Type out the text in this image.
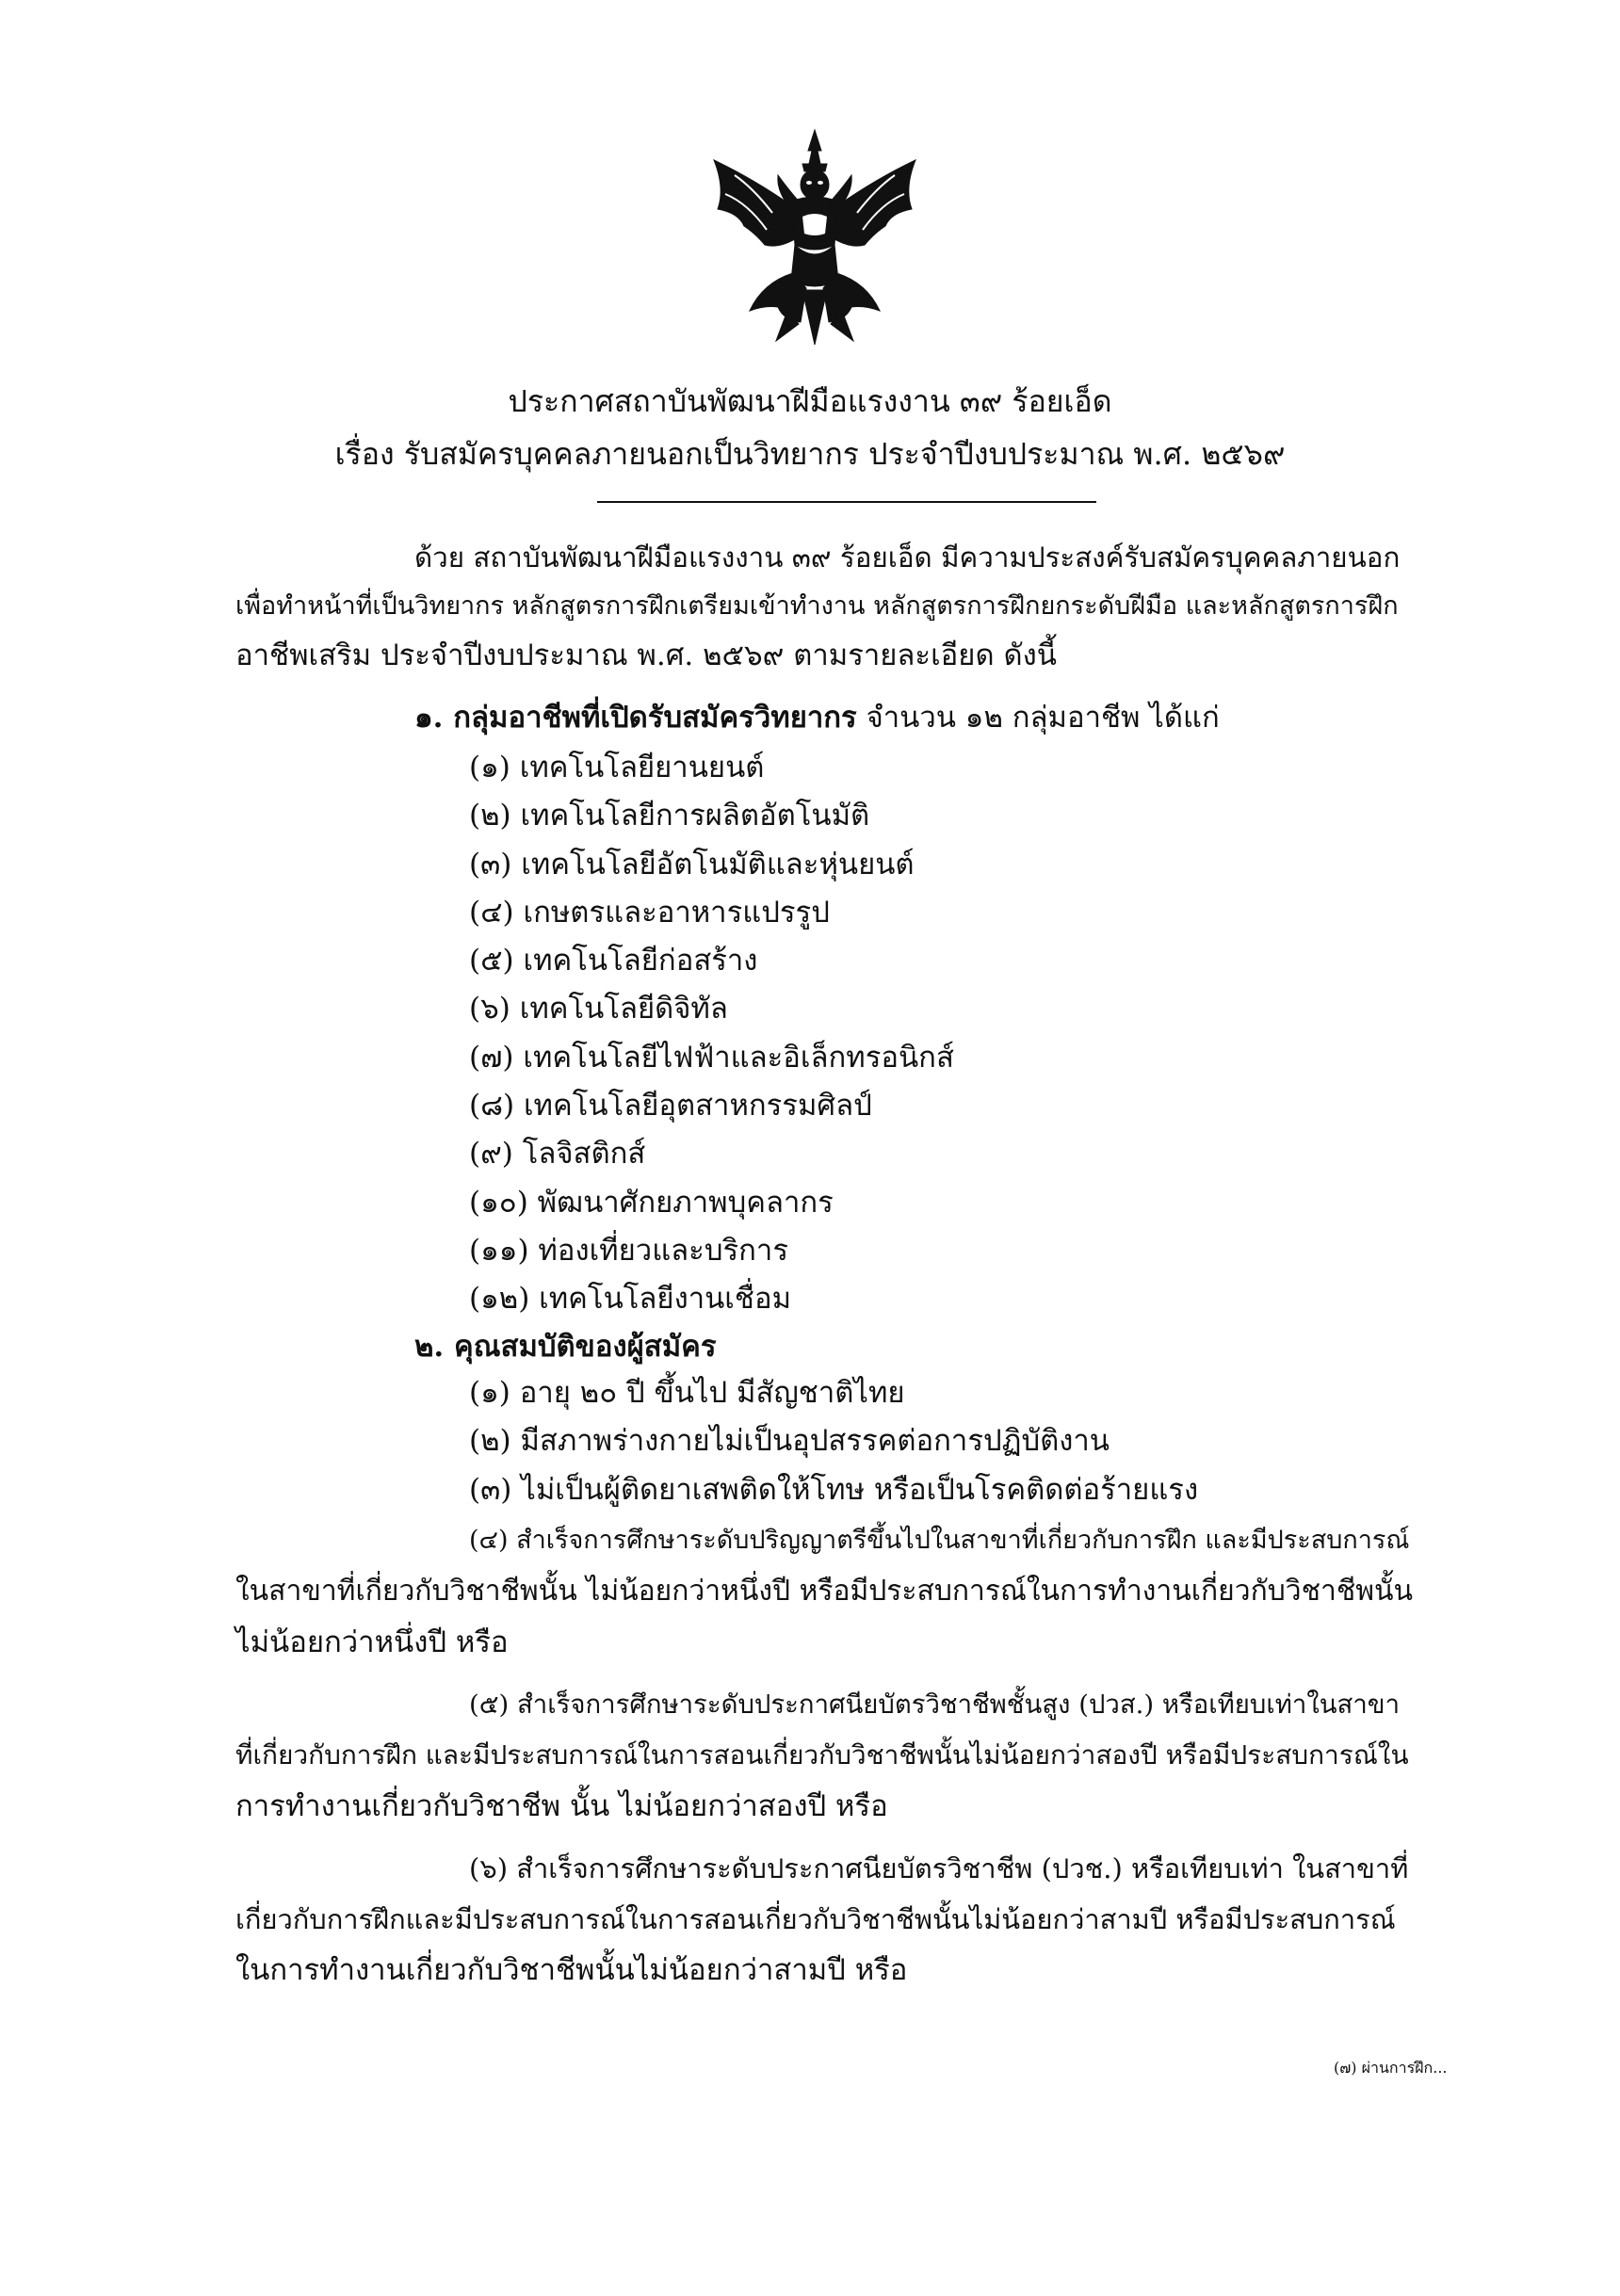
ประกาศสถาบันพัฒนาฝีมือแรงงาน ๓๙ ร้อยเอ็ด
เรื่อง รับสมัครบุคคลภายนอกเป็นวิทยากร ประจำปีงบประมาณ พ.ศ. ๒๕๖๙
ด้วย สถาบันพัฒนาฝีมือแรงงาน ๓๙ ร้อยเอ็ด มีความประสงค์รับสมัครบุคคลภายนอก
เพื่อทำหน้าที่เป็นวิทยากร หลักสูตรการฝึกเตรียมเข้าทำงาน หลักสูตรการฝึกยกระดับฝีมือ และหลักสูตรการฝึก
อาชีพเสริม ประจำปีงบประมาณ พ.ศ. ๒๕๖๙ ตามรายละเอียด ดังนี้
๑. กลุ่มอาชีพที่เปิดรับสมัครวิทยากร จำนวน ๑๒ กลุ่มอาชีพ ได้แก่
(๑) เทคโนโลยียานยนต์
(๒) เทคโนโลยีการผลิตอัตโนมัติ
(๓) เทคโนโลยีอัตโนมัติและหุ่นยนต์
(๔) เกษตรและอาหารแปรรูป
(๕) เทคโนโลยีก่อสร้าง
(๖) เทคโนโลยีดิจิทัล
(๗) เทคโนโลยีไฟฟ้าและอิเล็กทรอนิกส์
(๘) เทคโนโลยีอุตสาหกรรมศิลป์
(๙) โลจิสติกส์
(๑๐) พัฒนาศักยภาพบุคลากร
(๑๑) ท่องเที่ยวและบริการ
(๑๒) เทคโนโลยีงานเชื่อม
๒. คุณสมบัติของผู้สมัคร
(๑) อายุ ๒๐ ปี ขึ้นไป มีสัญชาติไทย
(๒) มีสภาพร่างกายไม่เป็นอุปสรรคต่อการปฏิบัติงาน
(๓) ไม่เป็นผู้ติดยาเสพติดให้โทษ หรือเป็นโรคติดต่อร้ายแรง
(๔) สำเร็จการศึกษาระดับปริญญาตรีขึ้นไปในสาขาที่เกี่ยวกับการฝึก และมีประสบการณ์
ในสาขาที่เกี่ยวกับวิชาชีพนั้น ไม่น้อยกว่าหนึ่งปี หรือมีประสบการณ์ในการทำงานเกี่ยวกับวิชาชีพนั้น
ไม่น้อยกว่าหนึ่งปี หรือ
(๕) สำเร็จการศึกษาระดับประกาศนียบัตรวิชาชีพชั้นสูง (ปวส.) หรือเทียบเท่าในสาขา
ที่เกี่ยวกับการฝึก และมีประสบการณ์ในการสอนเกี่ยวกับวิชาชีพนั้นไม่น้อยกว่าสองปี หรือมีประสบการณ์ใน
การทำงานเกี่ยวกับวิชาชีพ นั้น ไม่น้อยกว่าสองปี หรือ
(๖) สำเร็จการศึกษาระดับประกาศนียบัตรวิชาชีพ (ปวช.) หรือเทียบเท่า ในสาขาที่
เกี่ยวกับการฝึกและมีประสบการณ์ในการสอนเกี่ยวกับวิชาชีพนั้นไม่น้อยกว่าสามปี หรือมีประสบการณ์
ในการทำงานเกี่ยวกับวิชาชีพนั้นไม่น้อยกว่าสามปี หรือ
(๗) ผ่านการฝึก...
